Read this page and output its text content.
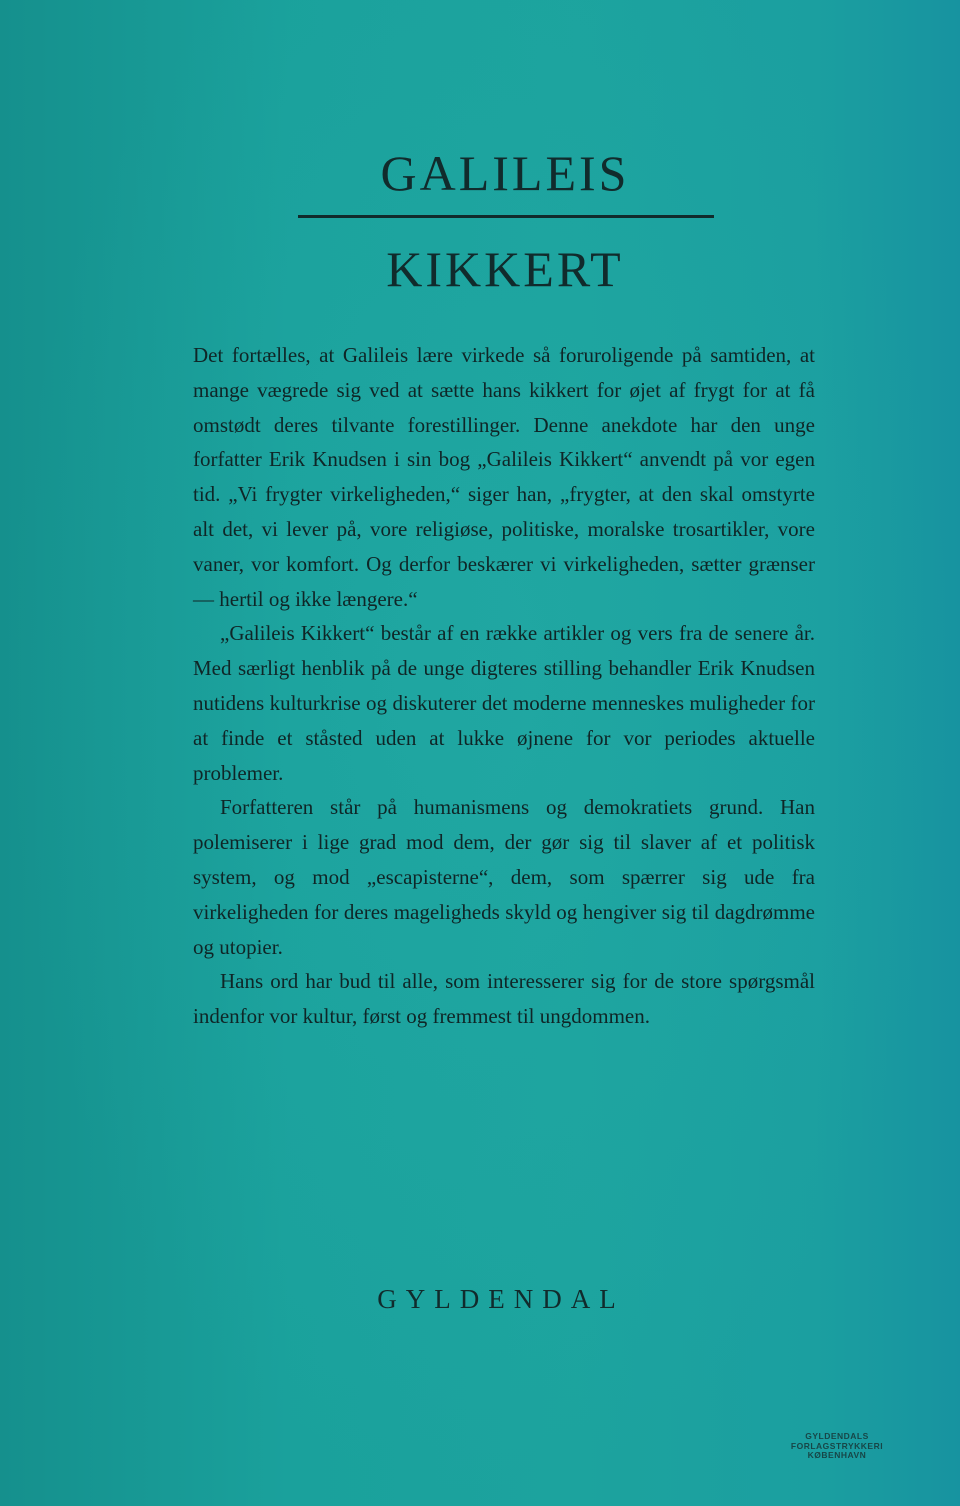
GALILEIS
KIKKERT

Det fortælles, at Galileis lære virkede så foruroligende på samtiden, at mange vægrede sig ved at sætte hans kikkert for øjet af frygt for at få omstødt deres tilvante forestillinger. Denne anekdote har den unge forfatter Erik Knudsen i sin bog „Galileis Kikkert“ anvendt på vor egen tid. „Vi frygter virkeligheden,“ siger han, „frygter, at den skal omstyrte alt det, vi lever på, vore religiøse, politiske, moralske trosartikler, vore vaner, vor komfort. Og derfor beskærer vi virkeligheden, sætter grænser — hertil og ikke længere.“

„Galileis Kikkert“ består af en række artikler og vers fra de senere år. Med særligt henblik på de unge digteres stilling behandler Erik Knudsen nutidens kulturkrise og diskuterer det moderne menneskes muligheder for at finde et ståsted uden at lukke øjnene for vor periodes aktuelle problemer.

Forfatteren står på humanismens og demokratiets grund. Han polemiserer i lige grad mod dem, der gør sig til slaver af et politisk system, og mod „escapisterne“, dem, som spærrer sig ude fra virkeligheden for deres mageligheds skyld og hengiver sig til dagdrømme og utopier.

Hans ord har bud til alle, som interesserer sig for de store spørgsmål indenfor vor kultur, først og fremmest til ungdommen.

GYLDENDAL
GYLDENDALS
FORLAGSTRYKKERI
KØBENHAVN
